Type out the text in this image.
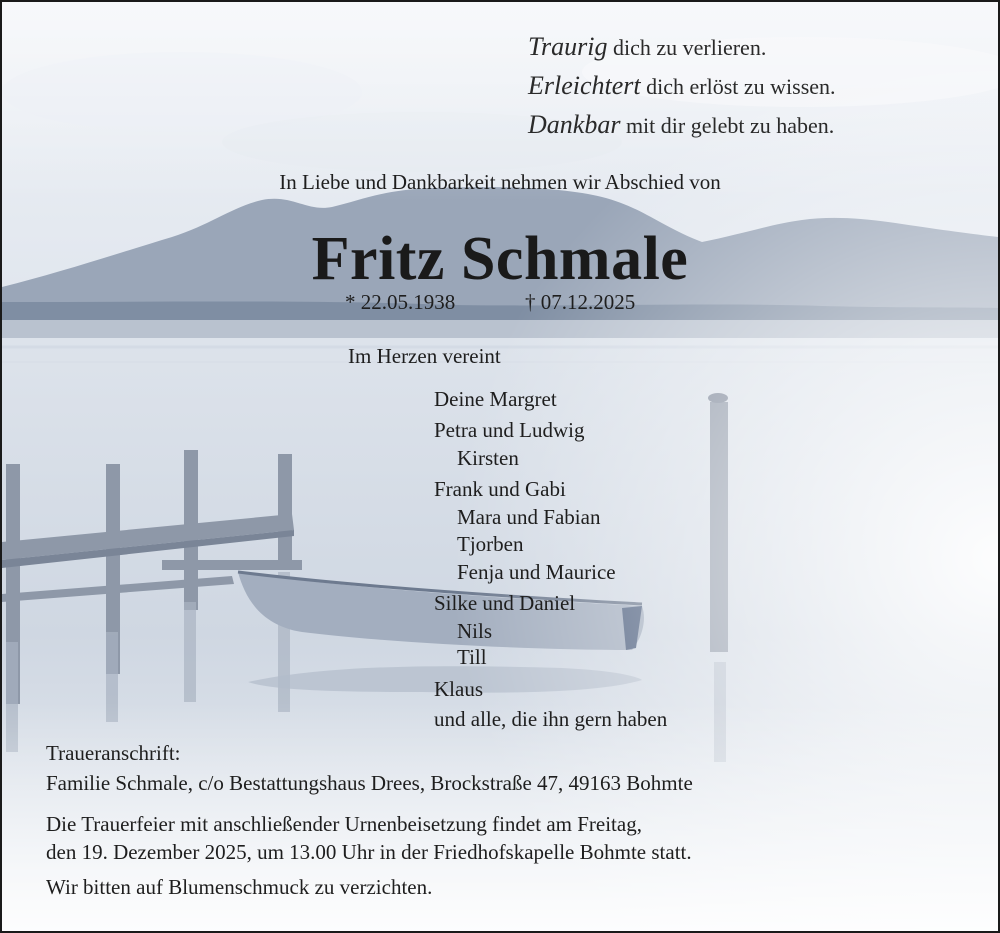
Traurig dich zu verlieren.
Erleichtert dich erlöst zu wissen.
Dankbar mit dir gelebt zu haben.
In Liebe und Dankbarkeit nehmen wir Abschied von
Fritz Schmale
* 22.05.1938	† 07.12.2025
Im Herzen vereint
Deine Margret
Petra und Ludwig
Kirsten
Frank und Gabi
Mara und Fabian
Tjorben
Fenja und Maurice
Silke und Daniel
Nils
Till
Klaus
und alle, die ihn gern haben
Traueranschrift:
Familie Schmale, c/o Bestattungshaus Drees, Brockstraße 47, 49163 Bohmte
Die Trauerfeier mit anschließender Urnenbeisetzung findet am Freitag,
den 19. Dezember 2025, um 13.00 Uhr in der Friedhofskapelle Bohmte statt.
Wir bitten auf Blumenschmuck zu verzichten.
